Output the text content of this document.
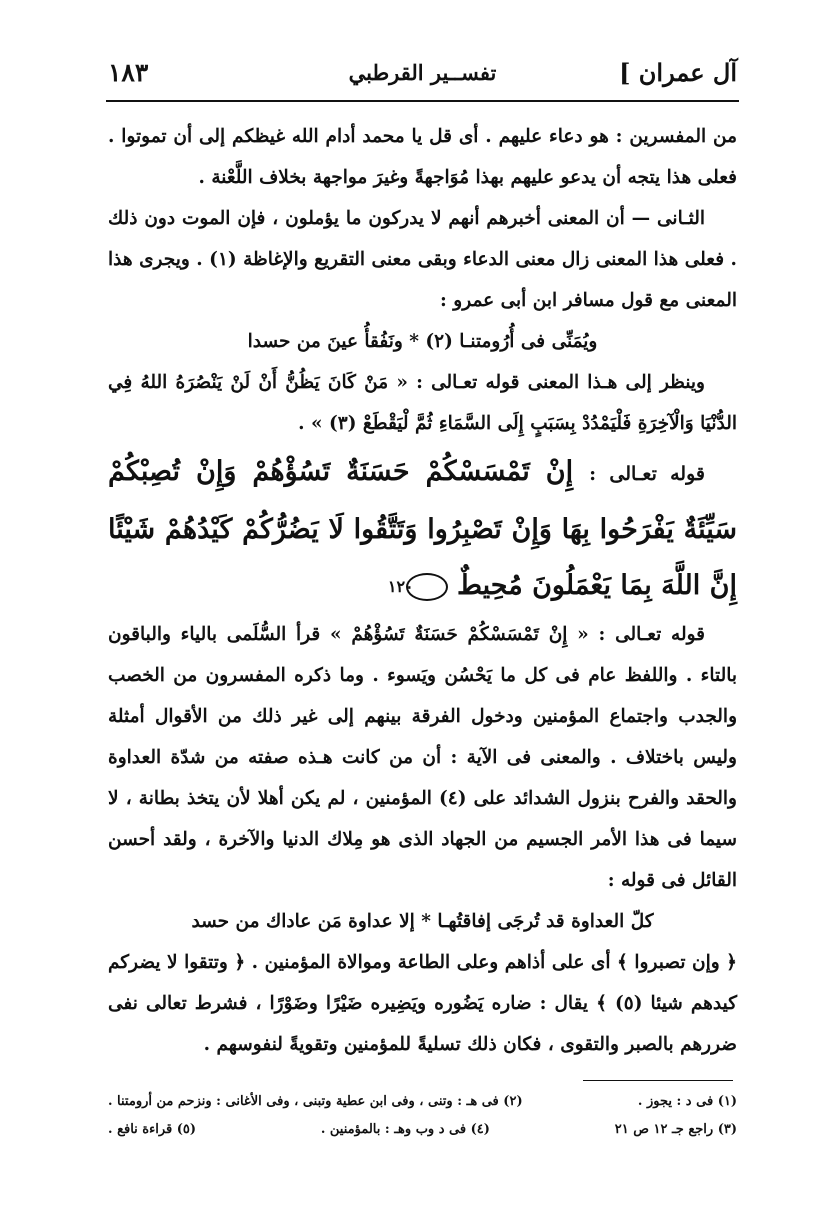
١٨٣	تفســير القرطبي	آل عمران ]

من المفسرين : هو دعاء عليهم . أى قل يا محمد أدام الله غيظكم إلى أن تموتوا . فعلى هذا يتجه أن يدعو عليهم بهذا مُوَاجهةً وغيرَ مواجهة بخلاف اللَّعْنة .

الثـانى — أن المعنى أخبرهم أنهم لا يدركون ما يؤملون ، فإن الموت دون ذلك . فعلى هذا المعنى زال معنى الدعاء وبقى معنى التقريع والإغاظة (١) . ويجرى هذا المعنى مع قول مسافر ابن أبى عمرو :

ويُمَنِّى فى أُرُومتنـا (٢) * ونَفُقأُ عينَ من حسدا

وينظر إلى هـذا المعنى قوله تعـالى : « مَنْ كَانَ يَظُنُّ أَنْ لَنْ يَنْصُرَهُ اللهُ فِي الدُّنْيَا وَالْآخِرَةِ فَلْيَمْدُدْ بِسَبَبٍ إِلَى السَّمَاءِ ثُمَّ لْيَقْطَعْ (٣) » .

قوله تعـالى : إِنْ تَمْسَسْكُمْ حَسَنَةٌ تَسُؤْهُمْ وَإِنْ تُصِبْكُمْ سَيِّئَةٌ يَفْرَحُوا بِهَا وَإِنْ تَصْبِرُوا وَتَتَّقُوا لَا يَضُرُّكُمْ كَيْدُهُمْ شَيْئًا إِنَّ اللَّهَ بِمَا يَعْمَلُونَ مُحِيطٌ ١٢٠

قوله تعـالى : « إِنْ تَمْسَسْكُمْ حَسَنَةٌ تَسُؤْهُمْ » قرأ السُّلَمى بالياء والباقون بالتاء . واللفظ عام فى كل ما يَحْسُن ويَسوء . وما ذكره المفسرون من الخصب والجدب واجتماع المؤمنين ودخول الفرقة بينهم إلى غير ذلك من الأقوال أمثلة وليس باختلاف . والمعنى فى الآية : أن من كانت هـذه صفته من شدّة العداوة والحقد والفرح بنزول الشدائد على (٤) المؤمنين ، لم يكن أهلا لأن يتخذ بطانة ، لا سيما فى هذا الأمر الجسيم من الجهاد الذى هو مِلاك الدنيا والآخرة ، ولقد أحسن القائل فى قوله :

كلّ العداوة قد تُرجَى إفاقتُهـا * إلا عداوة مَن عاداك من حسد

﴿ وإن تصبروا ﴾ أى على أذاهم وعلى الطاعة وموالاة المؤمنين . ﴿ وتتقوا لا يضركم كيدهم شيئا (٥) ﴾ يقال : ضاره يَضُوره ويَضِيره ضَيْرًا وضَوْرًا ، فشرط تعالى نفى ضررهم بالصبر والتقوى ، فكان ذلك تسليةً للمؤمنين وتقويةً لنفوسهم .

(١) فى د : يجوز .
(٢) فى هـ : وتنى ، وفى ابن عطية وتبنى ، وفى الأغانى : ونزحم من أرومتنا .
(٣) راجع جـ ١٢ ص ٢١
(٤) فى د وب وهـ : بالمؤمنين .
(٥) قراءة نافع .
